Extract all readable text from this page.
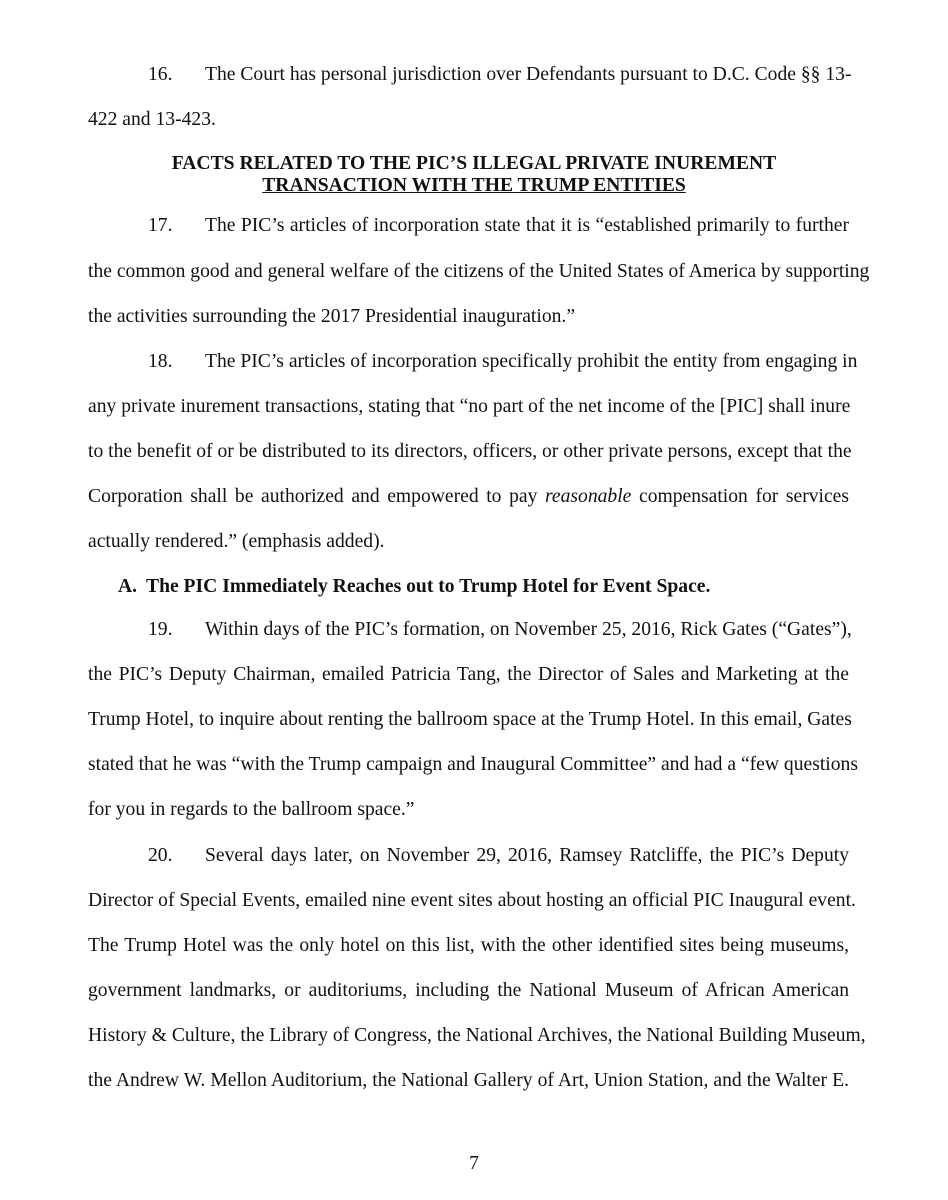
16. The Court has personal jurisdiction over Defendants pursuant to D.C. Code §§ 13-

422 and 13-423.

FACTS RELATED TO THE PIC’S ILLEGAL PRIVATE INUREMENT

TRANSACTION WITH THE TRUMP ENTITIES

17. The PIC’s articles of incorporation state that it is “established primarily to further

the common good and general welfare of the citizens of the United States of America by supporting

the activities surrounding the 2017 Presidential inauguration.”

18. The PIC’s articles of incorporation specifically prohibit the entity from engaging in

any private inurement transactions, stating that “no part of the net income of the [PIC] shall inure

to the benefit of or be distributed to its directors, officers, or other private persons, except that the

Corporation shall be authorized and empowered to pay reasonable compensation for services

actually rendered.” (emphasis added).

A. The PIC Immediately Reaches out to Trump Hotel for Event Space.

19. Within days of the PIC’s formation, on November 25, 2016, Rick Gates (“Gates”),

the PIC’s Deputy Chairman, emailed Patricia Tang, the Director of Sales and Marketing at the

Trump Hotel, to inquire about renting the ballroom space at the Trump Hotel. In this email, Gates

stated that he was “with the Trump campaign and Inaugural Committee” and had a “few questions

for you in regards to the ballroom space.”

20. Several days later, on November 29, 2016, Ramsey Ratcliffe, the PIC’s Deputy

Director of Special Events, emailed nine event sites about hosting an official PIC Inaugural event.

The Trump Hotel was the only hotel on this list, with the other identified sites being museums,

government landmarks, or auditoriums, including the National Museum of African American

History & Culture, the Library of Congress, the National Archives, the National Building Museum,

the Andrew W. Mellon Auditorium, the National Gallery of Art, Union Station, and the Walter E.

7
